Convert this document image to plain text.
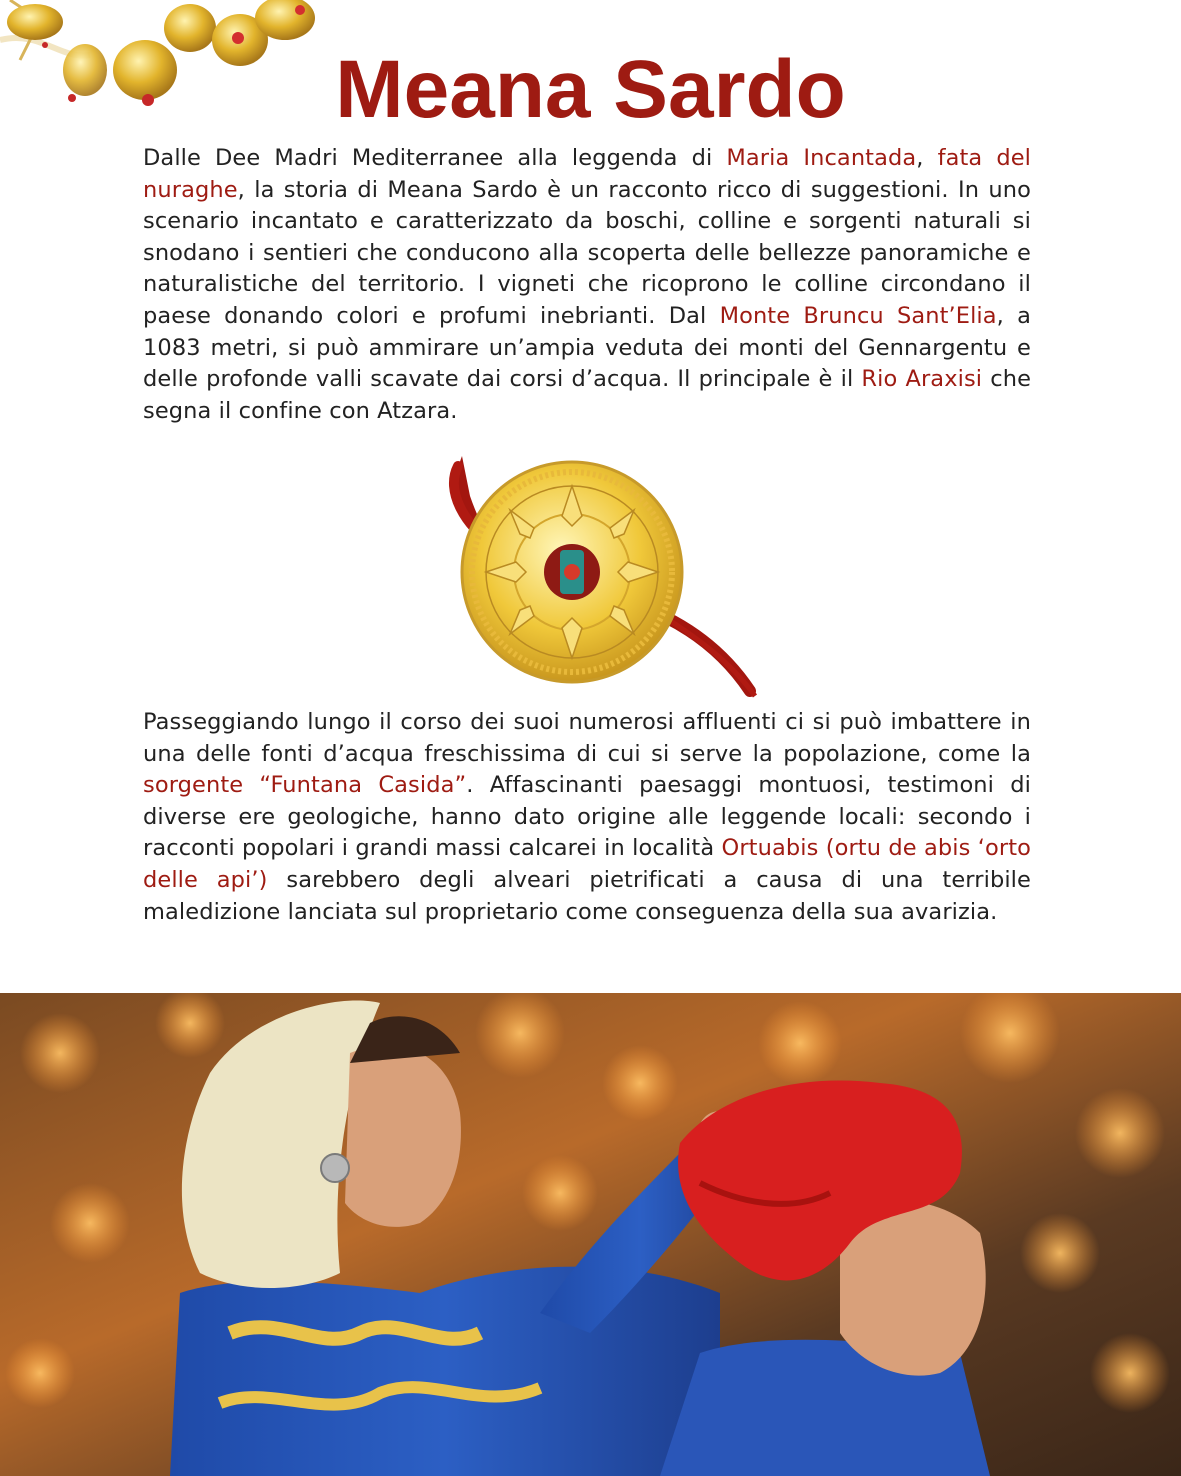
Meana Sardo

Dalle Dee Madri Mediterranee alla leggenda di Maria Incantada, fata del nuraghe, la storia di Meana Sardo è un racconto ricco di suggestioni. In uno scenario incantato e caratterizzato da boschi, colline e sorgenti naturali si snodano i sentieri che conducono alla scoperta delle bellezze panoramiche e naturalistiche del territorio. I vigneti che ricoprono le colline circondano il paese donando colori e profumi inebrianti. Dal Monte Bruncu Sant’Elia, a 1083 metri, si può ammirare un’ampia veduta dei monti del Gennargentu e delle profonde valli scavate dai corsi d’acqua. Il principale è il Rio Araxisi che segna il confine con Atzara.

Passeggiando lungo il corso dei suoi numerosi affluenti ci si può imbattere in una delle fonti d’acqua freschissima di cui si serve la popolazione, come la sorgente “Funtana Casida”. Affascinanti paesaggi montuosi, testimoni di diverse ere geologiche, hanno dato origine alle leggende locali: secondo i racconti popolari i grandi massi calcarei in località Ortuabis (ortu de abis ‘orto delle api’) sarebbero degli alveari pietrificati a causa di una terribile maledizione lanciata sul proprietario come conseguenza della sua avarizia.
